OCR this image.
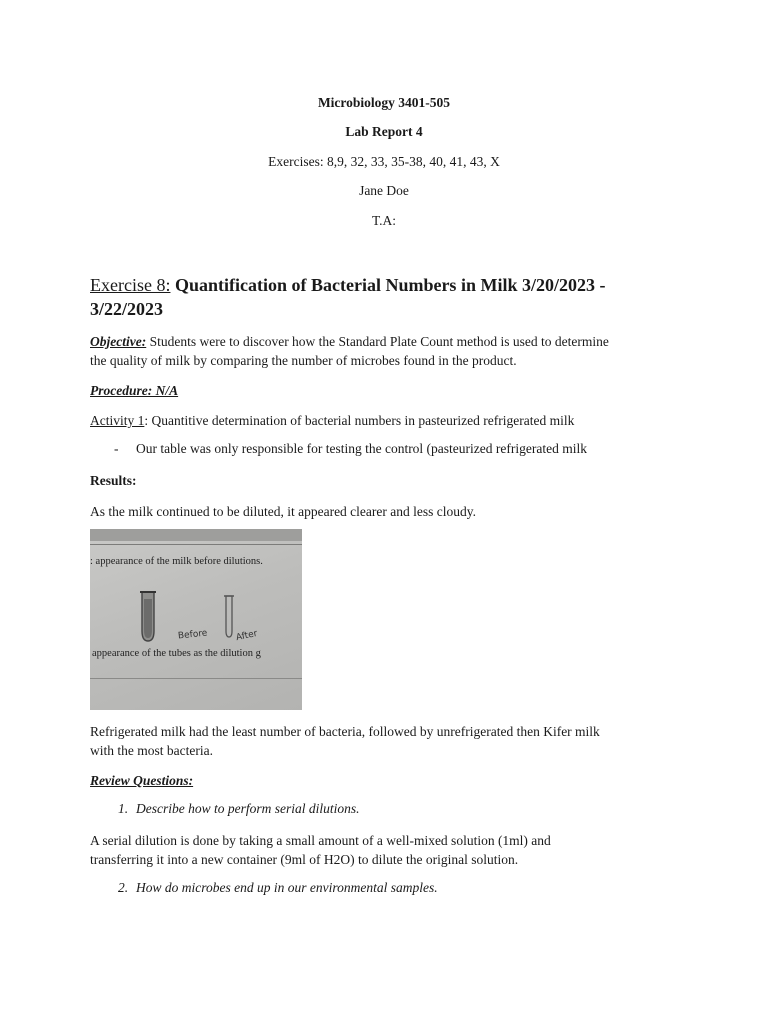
Microbiology 3401-505
Lab Report 4
Exercises: 8,9, 32, 33, 35-38, 40, 41, 43, X
Jane Doe
T.A:
Exercise 8: Quantification of Bacterial Numbers in Milk 3/20/2023 -
3/22/2023
Objective: Students were to discover how the Standard Plate Count method is used to determine
the quality of milk by comparing the number of microbes found in the product.
Procedure: N/A
Activity 1: Quantitive determination of bacterial numbers in pasteurized refrigerated milk
- Our table was only responsible for testing the control (pasteurized refrigerated milk
Results:
As the milk continued to be diluted, it appeared clearer and less cloudy.
: appearance of the milk before dilutions.
Before	After
appearance of the tubes as the dilution g
Refrigerated milk had the least number of bacteria, followed by unrefrigerated then Kifer milk
with the most bacteria.
Review Questions:
1. Describe how to perform serial dilutions.
A serial dilution is done by taking a small amount of a well-mixed solution (1ml) and
transferring it into a new container (9ml of H2O) to dilute the original solution.
2. How do microbes end up in our environmental samples.
